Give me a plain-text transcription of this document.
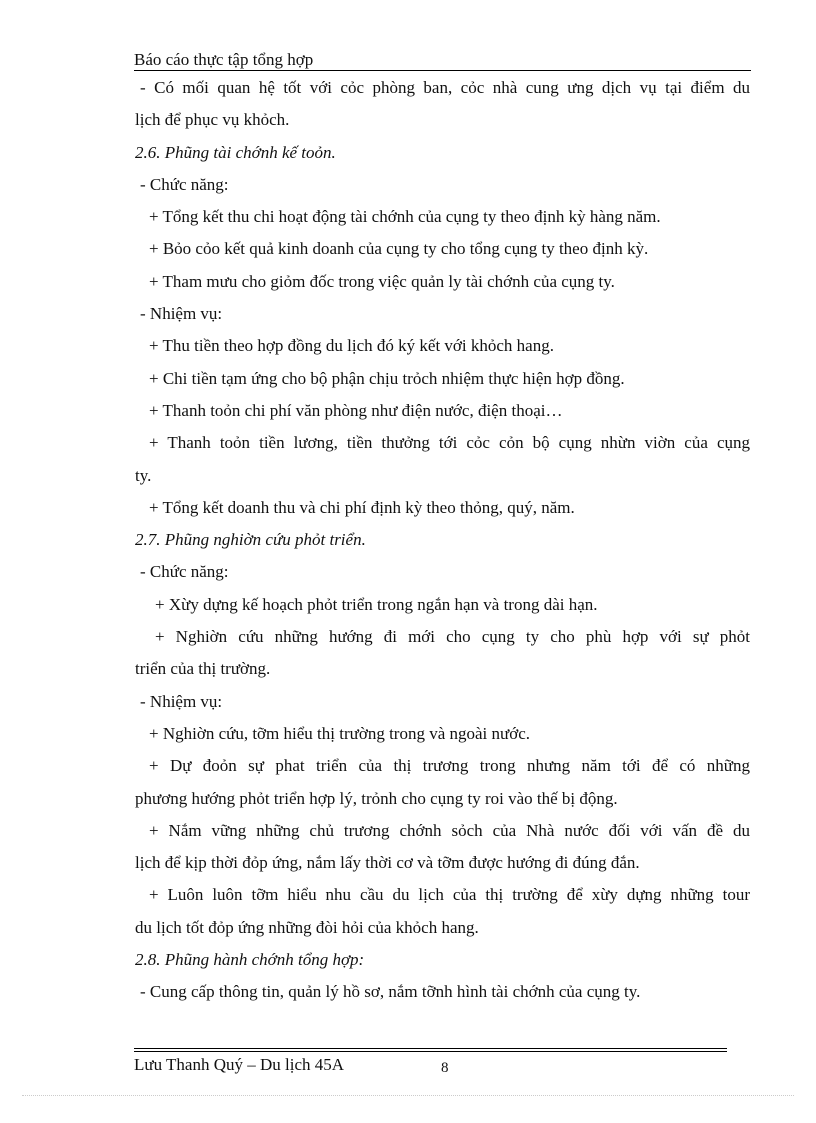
Báo cáo thực tập tổng hợp
- Có mối quan hệ tốt với cỏc phòng ban, cỏc nhà cung ưng dịch vụ tại điểm du
lịch để phục vụ khỏch.
2.6. Phũng tài chớnh kế toỏn.
- Chức năng:
+ Tổng kết thu chi hoạt động tài chớnh của cụng ty theo định kỳ hàng năm.
+ Bỏo cỏo kết quả kinh doanh của cụng ty cho tổng cụng ty theo định kỳ.
+ Tham mưu cho giỏm đốc trong việc quản ly tài chớnh của cụng ty.
- Nhiệm vụ:
+ Thu tiền theo hợp đồng du lịch đó ký kết với khỏch hang.
+ Chi tiền tạm ứng cho bộ phận chịu trỏch nhiệm thực hiện hợp đồng.
+ Thanh toỏn chi phí văn phòng như điện nước, điện thoại…
+ Thanh toỏn tiền lương, tiền thưởng tới cỏc cỏn bộ cụng nhừn viờn của cụng
ty.
+ Tổng kết doanh thu và chi phí định kỳ theo thỏng, quý, năm.
2.7. Phũng nghiờn cứu phỏt triển.
- Chức năng:
+ Xừy dựng kế hoạch phỏt triển trong ngắn hạn và trong dài hạn.
+ Nghiờn cứu những hướng đi mới cho cụng ty cho phù hợp với sự phỏt
triển của thị trường.
- Nhiệm vụ:
+ Nghiờn cứu, tỡm hiểu thị trường trong và ngoài nước.
+ Dự đoỏn sự phat triển của thị trương trong nhưng năm tới để có những
phương hướng phỏt triển hợp lý, trỏnh cho cụng ty roi vào thế bị động.
+ Nắm vững những chủ trương chớnh sỏch của Nhà nước đối với vấn đề du
lịch để kịp thời đỏp ứng, nắm lấy thời cơ và tỡm được hướng đi đúng đắn.
+ Luôn luôn tỡm hiểu nhu cầu du lịch của thị trường để xừy dựng những tour
du lịch tốt đỏp ứng những đòi hỏi của khỏch hang.
2.8. Phũng hành chớnh tổng hợp:
- Cung cấp thông tin, quản lý hồ sơ, nắm tỡnh hình tài chớnh của cụng ty.
Lưu Thanh Quý – Du lịch 45A	8
